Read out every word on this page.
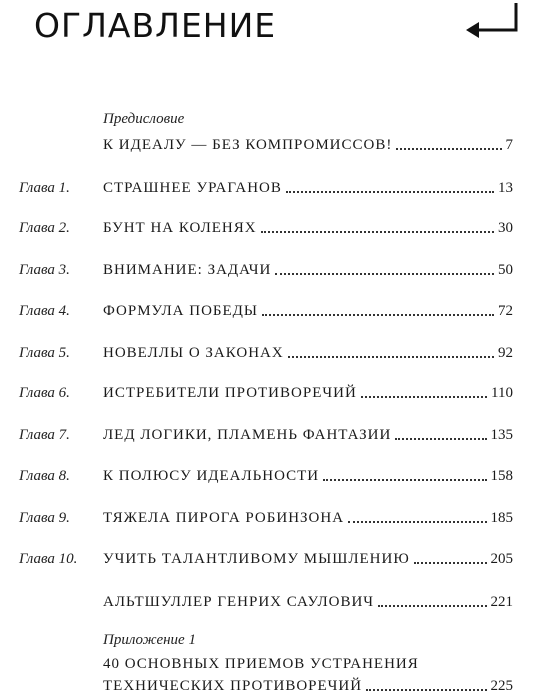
ОГЛАВЛЕНИЕ
Предисловие
К ИДЕАЛУ — БЕЗ КОМПРОМИССОВ!	7
Глава 1. СТРАШНЕЕ УРАГАНОВ	13
Глава 2. БУНТ НА КОЛЕНЯХ	30
Глава 3. ВНИМАНИЕ: ЗАДАЧИ	50
Глава 4. ФОРМУЛА ПОБЕДЫ	72
Глава 5. НОВЕЛЛЫ О ЗАКОНАХ	92
Глава 6. ИСТРЕБИТЕЛИ ПРОТИВОРЕЧИЙ	110
Глава 7. ЛЕД ЛОГИКИ, ПЛАМЕНЬ ФАНТАЗИИ	135
Глава 8. К ПОЛЮСУ ИДЕАЛЬНОСТИ	158
Глава 9. ТЯЖЕЛА ПИРОГА РОБИНЗОНА	185
Глава 10. УЧИТЬ ТАЛАНТЛИВОМУ МЫШЛЕНИЮ	205
АЛЬТШУЛЛЕР ГЕНРИХ САУЛОВИЧ	221
Приложение 1
40 ОСНОВНЫХ ПРИЕМОВ УСТРАНЕНИЯ
ТЕХНИЧЕСКИХ ПРОТИВОРЕЧИЙ	225
